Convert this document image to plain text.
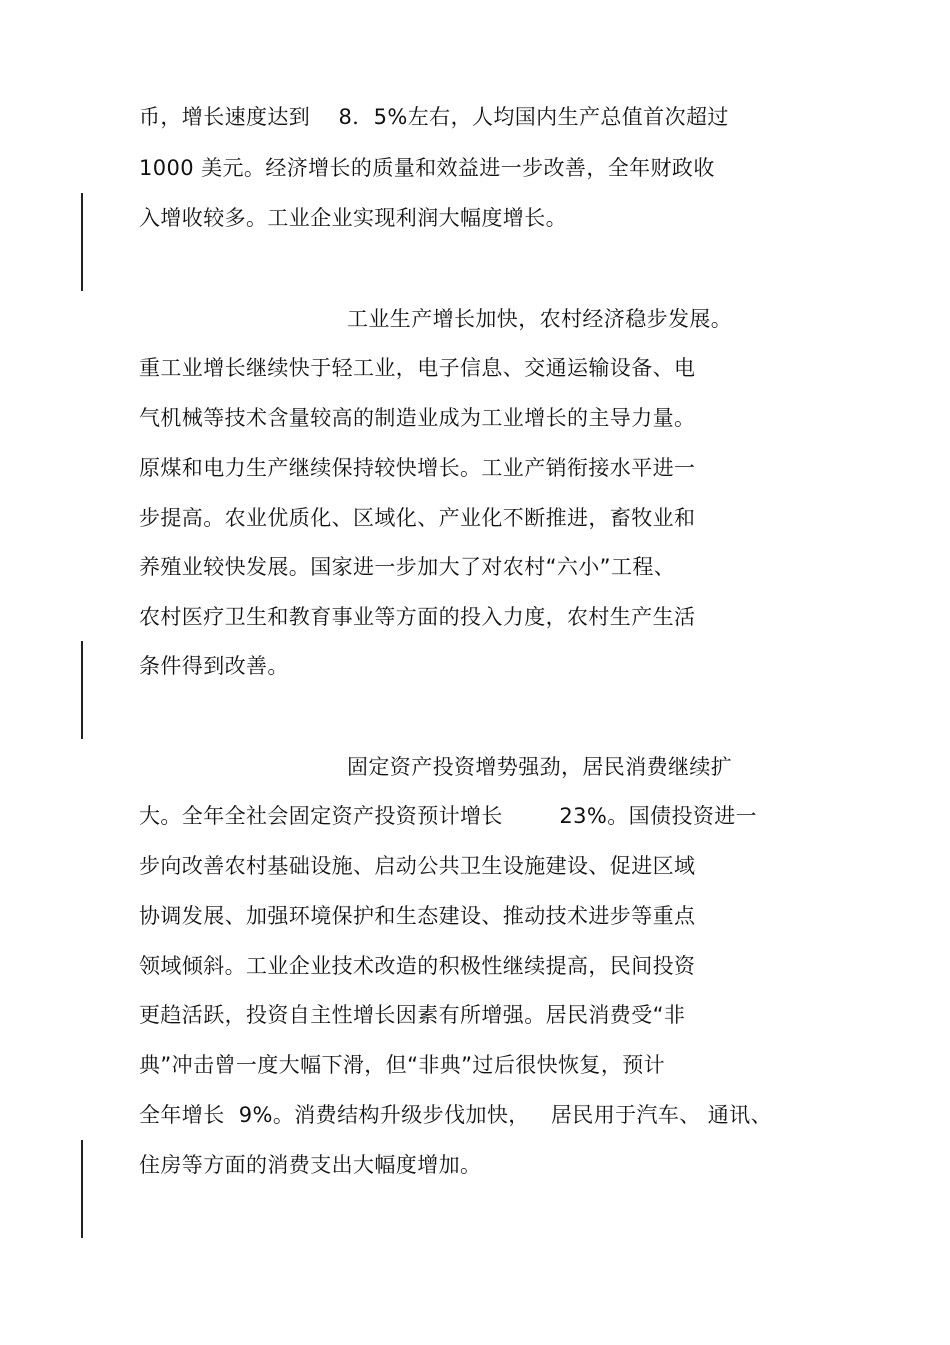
币，增长速度达到    8．5%左右，人均国内生产总值首次超过
1000 美元。经济增长的质量和效益进一步改善，全年财政收
入增收较多。工业企业实现利润大幅度增长。
工业生产增长加快，农村经济稳步发展。
重工业增长继续快于轻工业，电子信息、交通运输设备、电
气机械等技术含量较高的制造业成为工业增长的主导力量。
原煤和电力生产继续保持较快增长。工业产销衔接水平进一
步提高。农业优质化、区域化、产业化不断推进，畜牧业和
养殖业较快发展。国家进一步加大了对农村“六小”工程、
农村医疗卫生和教育事业等方面的投入力度，农村生产生活
条件得到改善。
固定资产投资增势强劲，居民消费继续扩
大。全年全社会固定资产投资预计增长        23%。国债投资进一
步向改善农村基础设施、启动公共卫生设施建设、促进区域
协调发展、加强环境保护和生态建设、推动技术进步等重点
领域倾斜。工业企业技术改造的积极性继续提高，民间投资
更趋活跃，投资自主性增长因素有所增强。居民消费受“非
典”冲击曾一度大幅下滑，但“非典”过后很快恢复，预计
全年增长  9%。消费结构升级步伐加快，   居民用于汽车、 通讯、
住房等方面的消费支出大幅度增加。
